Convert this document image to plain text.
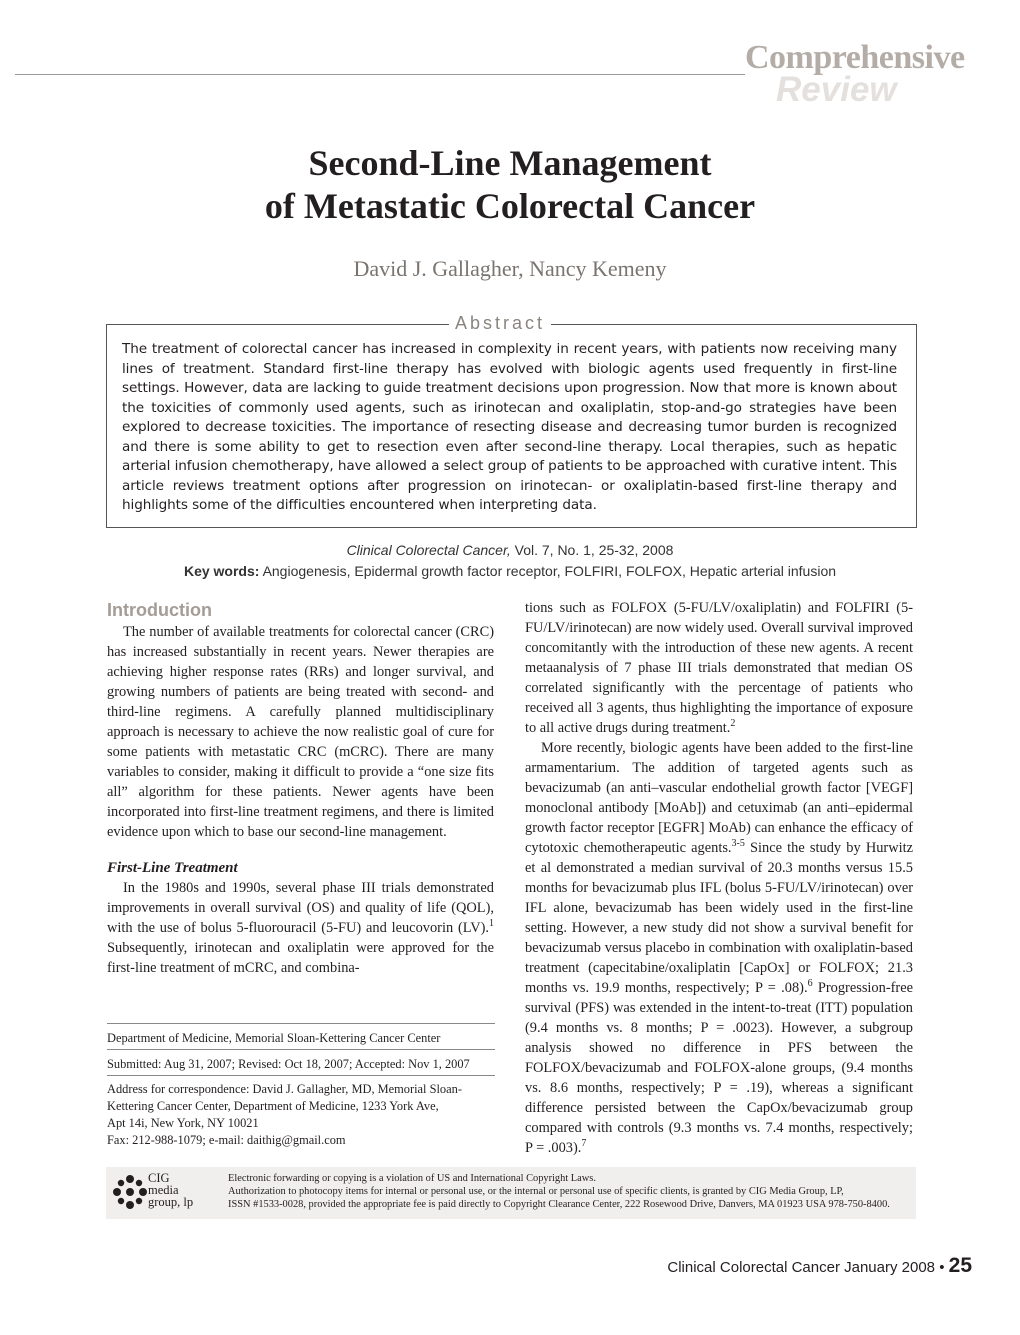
Review
Comprehensive
Second-Line Management
of Metastatic Colorectal Cancer
David J. Gallagher, Nancy Kemeny
Abstract
The treatment of colorectal cancer has increased in complexity in recent years, with patients now receiving many lines of treatment. Standard first-line therapy has evolved with biologic agents used frequently in first-line settings. However, data are lacking to guide treatment decisions upon progression. Now that more is known about the toxicities of commonly used agents, such as irinotecan and oxaliplatin, stop-and-go strategies have been explored to decrease toxicities. The importance of resecting disease and decreasing tumor burden is recognized and there is some ability to get to resection even after second-line therapy. Local therapies, such as hepatic arterial infusion chemotherapy, have allowed a select group of patients to be approached with curative intent. This article reviews treatment options after progression on irinotecan- or oxaliplatin-based first-line therapy and highlights some of the difficulties encountered when interpreting data.
Clinical Colorectal Cancer, Vol. 7, No. 1, 25-32, 2008
Key words: Angiogenesis, Epidermal growth factor receptor, FOLFIRI, FOLFOX, Hepatic arterial infusion
Introduction

The number of available treatments for colorectal cancer (CRC) has increased substantially in recent years. Newer therapies are achieving higher response rates (RRs) and longer survival, and growing numbers of patients are being treated with second- and third-line regimens. A carefully planned multidisciplinary approach is necessary to achieve the now realistic goal of cure for some patients with metastatic CRC (mCRC). There are many variables to consider, making it difficult to provide a “one size fits all” algorithm for these patients. Newer agents have been incorporated into first-line treatment regimens, and there is limited evidence upon which to base our second-line management.

First-Line Treatment

In the 1980s and 1990s, several phase III trials demonstrated improvements in overall survival (OS) and quality of life (QOL), with the use of bolus 5-fluorouracil (5-FU) and leucovorin (LV).$^1$ Subsequently, irinotecan and oxaliplatin were approved for the first-line treatment of mCRC, and combina-

tions such as FOLFOX (5-FU/LV/oxaliplatin) and FOLFIRI (5-FU/LV/irinotecan) are now widely used. Overall survival improved concomitantly with the introduction of these new agents. A recent metaanalysis of 7 phase III trials demonstrated that median OS correlated significantly with the percentage of patients who received all 3 agents, thus highlighting the importance of exposure to all active drugs during treatment.$^2$

More recently, biologic agents have been added to the first-line armamentarium. The addition of targeted agents such as bevacizumab (an anti–vascular endothelial growth factor [VEGF] monoclonal antibody [MoAb]) and cetuximab (an anti–epidermal growth factor receptor [EGFR] MoAb) can enhance the efficacy of cytotoxic chemotherapeutic agents.$^{3-5}$ Since the study by Hurwitz et al demonstrated a median survival of 20.3 months versus 15.5 months for bevacizumab plus IFL (bolus 5-FU/LV/irinotecan) over IFL alone, bevacizumab has been widely used in the first-line setting. However, a new study did not show a survival benefit for bevacizumab versus placebo in combination with oxaliplatin-based treatment (capecitabine/oxaliplatin [CapOx] or FOLFOX; 21.3 months vs. 19.9 months, respectively; P = .08).$^6$ Progression-free survival (PFS) was extended in the intent-to-treat (ITT) population (9.4 months vs. 8 months; P = .0023). However, a subgroup analysis showed no difference in PFS between the FOLFOX/bevacizumab and FOLFOX-alone groups, (9.4 months vs. 8.6 months, respectively; P = .19), whereas a significant difference persisted between the CapOx/bevacizumab group compared with controls (9.3 months vs. 7.4 months, respectively; P = .003).$^7$

Department of Medicine, Memorial Sloan-Kettering Cancer Center
Submitted: Aug 31, 2007; Revised: Oct 18, 2007; Accepted: Nov 1, 2007
Address for correspondence: David J. Gallagher, MD, Memorial Sloan-
Kettering Cancer Center, Department of Medicine, 1233 York Ave,
Apt 14i, New York, NY 10021
Fax: 212-988-1079; e-mail: daithig@gmail.com
CIG
media
group, lp
Electronic forwarding or copying is a violation of US and International Copyright Laws.
Authorization to photocopy items for internal or personal use, or the internal or personal use of specific clients, is granted by CIG Media Group, LP,
ISSN #1533-0028, provided the appropriate fee is paid directly to Copyright Clearance Center, 222 Rosewood Drive, Danvers, MA 01923 USA 978-750-8400.
Clinical Colorectal Cancer January 2008 • 25
